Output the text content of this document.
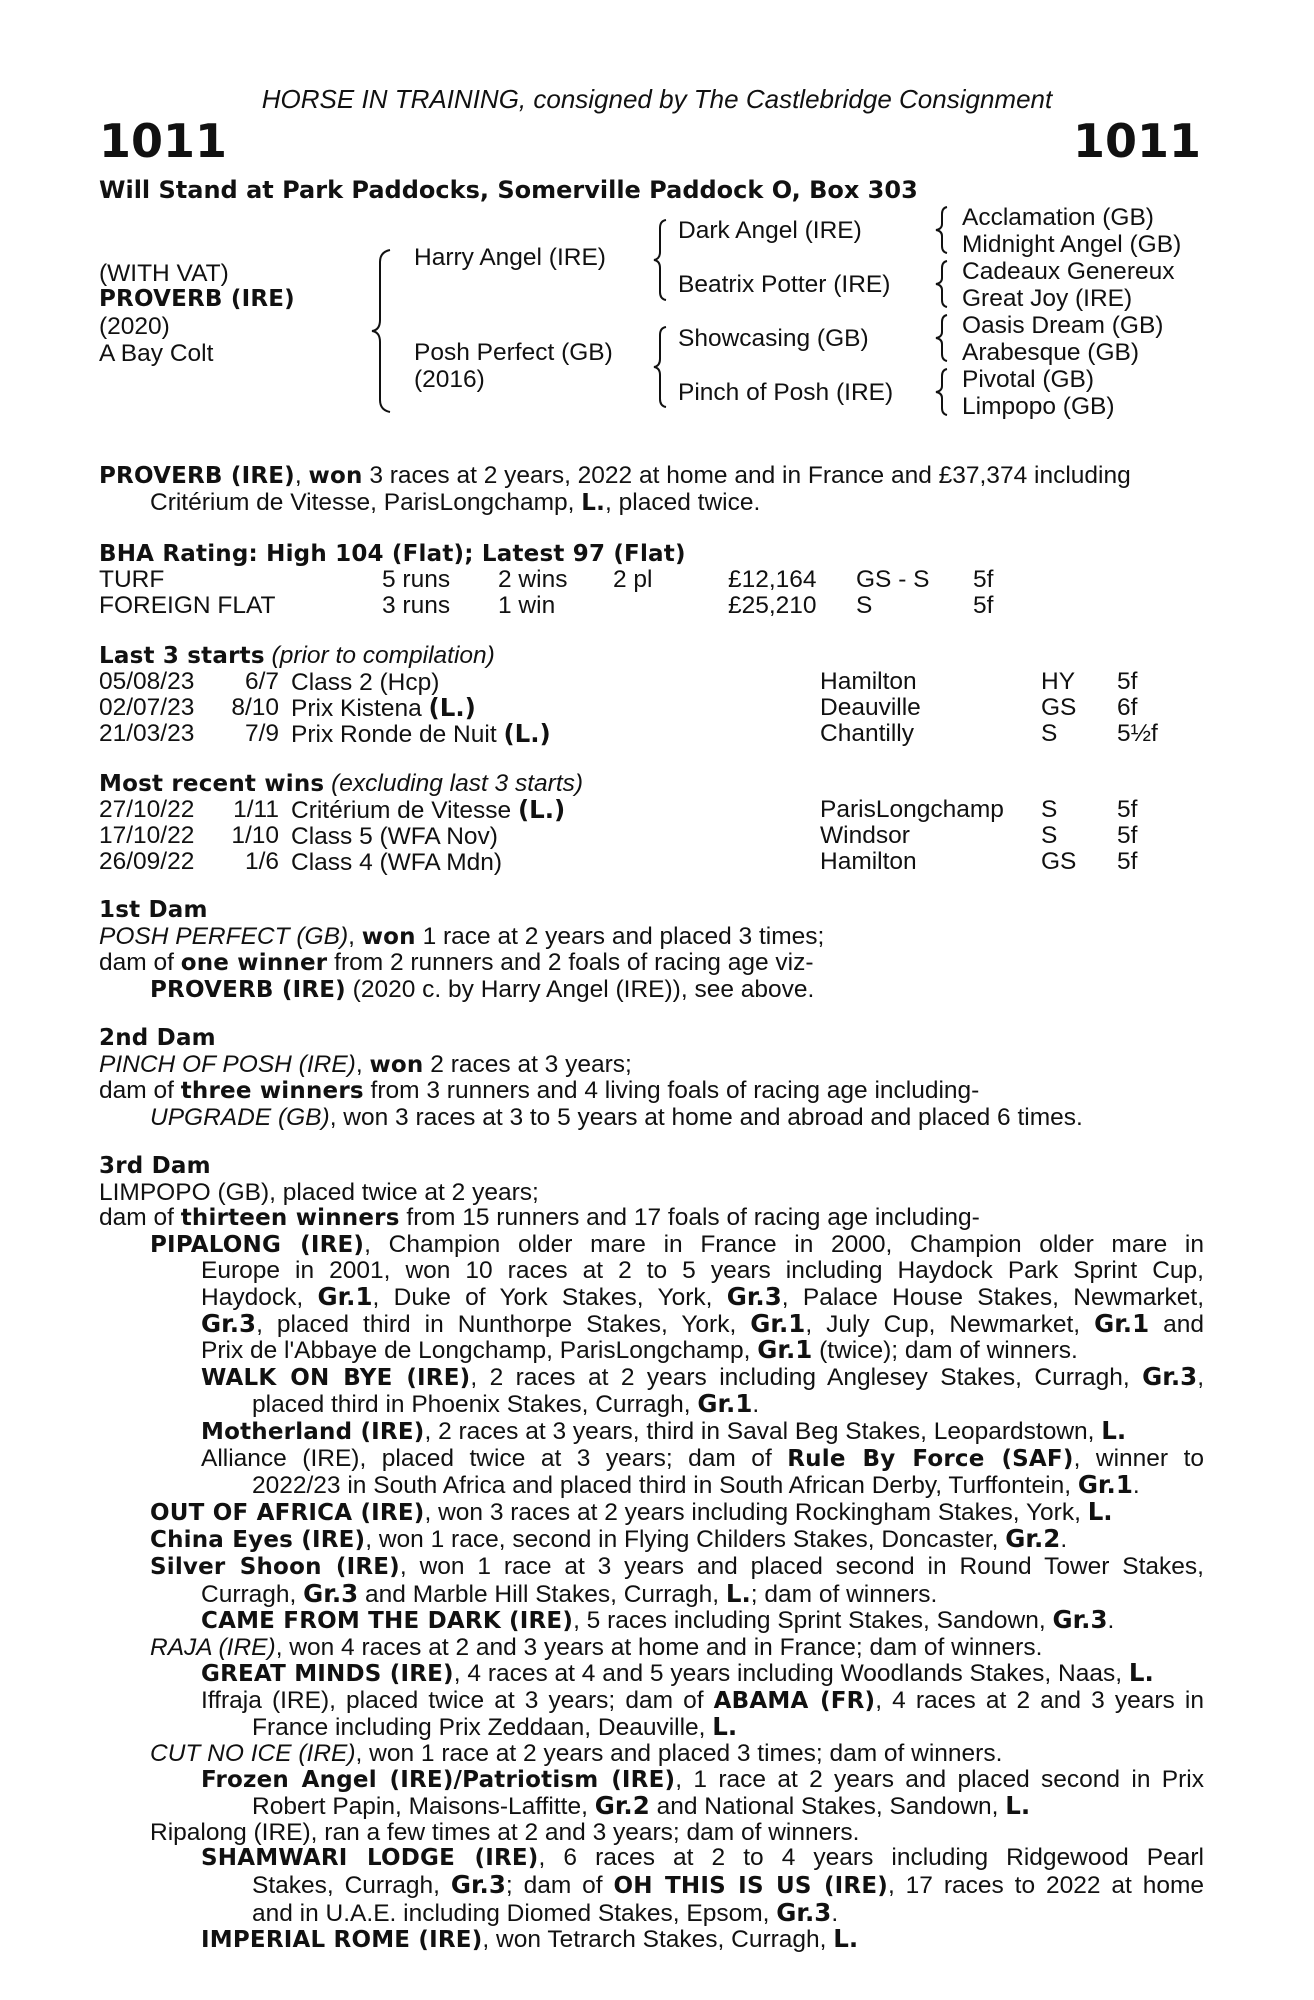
HORSE IN TRAINING, consigned by The Castlebridge Consignment
1011	1011
Will Stand at Park Paddocks, Somerville Paddock O, Box 303
(WITH VAT)
PROVERB (IRE)
(2020)
A Bay Colt
Harry Angel (IRE)
Posh Perfect (GB)
(2016)
Dark Angel (IRE)
Beatrix Potter (IRE)
Showcasing (GB)
Pinch of Posh (IRE)
Acclamation (GB)
Midnight Angel (GB)
Cadeaux Genereux
Great Joy (IRE)
Oasis Dream (GB)
Arabesque (GB)
Pivotal (GB)
Limpopo (GB)
PROVERB (IRE), won 3 races at 2 years, 2022 at home and in France and £37,374 including
Critérium de Vitesse, ParisLongchamp, L., placed twice.
BHA Rating: High 104 (Flat); Latest 97 (Flat)
TURF	5 runs 2 wins 2 pl	£12,164 GS - S 5f
FOREIGN FLAT	3 runs 1 win	£25,210 S	5f
Last 3 starts (prior to compilation)
05/08/23	6/7 Class 2 (Hcp)	Hamilton	HY 5f
02/07/23	8/10 Prix Kistena (L.)	Deauville	GS 6f
21/03/23	7/9 Prix Ronde de Nuit (L.)	Chantilly	S 5½f
Most recent wins (excluding last 3 starts)
27/10/22	1/11 Critérium de Vitesse (L.)	ParisLongchamp S 5f
17/10/22	1/10 Class 5 (WFA Nov)	Windsor	S 5f
26/09/22	1/6 Class 4 (WFA Mdn)	Hamilton	GS 5f
1st Dam
POSH PERFECT (GB), won 1 race at 2 years and placed 3 times;
dam of one winner from 2 runners and 2 foals of racing age viz-
PROVERB (IRE) (2020 c. by Harry Angel (IRE)), see above.
2nd Dam
PINCH OF POSH (IRE), won 2 races at 3 years;
dam of three winners from 3 runners and 4 living foals of racing age including-
UPGRADE (GB), won 3 races at 3 to 5 years at home and abroad and placed 6 times.
3rd Dam
LIMPOPO (GB), placed twice at 2 years;
dam of thirteen winners from 15 runners and 17 foals of racing age including-
PIPALONG (IRE), Champion older mare in France in 2000, Champion older mare in
Europe in 2001, won 10 races at 2 to 5 years including Haydock Park Sprint Cup,
Haydock, Gr.1, Duke of York Stakes, York, Gr.3, Palace House Stakes, Newmarket,
Gr.3, placed third in Nunthorpe Stakes, York, Gr.1, July Cup, Newmarket, Gr.1 and
Prix de l'Abbaye de Longchamp, ParisLongchamp, Gr.1 (twice); dam of winners.
WALK ON BYE (IRE), 2 races at 2 years including Anglesey Stakes, Curragh, Gr.3,
placed third in Phoenix Stakes, Curragh, Gr.1.
Motherland (IRE), 2 races at 3 years, third in Saval Beg Stakes, Leopardstown, L.
Alliance (IRE), placed twice at 3 years; dam of Rule By Force (SAF), winner to
2022/23 in South Africa and placed third in South African Derby, Turffontein, Gr.1.
OUT OF AFRICA (IRE), won 3 races at 2 years including Rockingham Stakes, York, L.
China Eyes (IRE), won 1 race, second in Flying Childers Stakes, Doncaster, Gr.2.
Silver Shoon (IRE), won 1 race at 3 years and placed second in Round Tower Stakes,
Curragh, Gr.3 and Marble Hill Stakes, Curragh, L.; dam of winners.
CAME FROM THE DARK (IRE), 5 races including Sprint Stakes, Sandown, Gr.3.
RAJA (IRE), won 4 races at 2 and 3 years at home and in France; dam of winners.
GREAT MINDS (IRE), 4 races at 4 and 5 years including Woodlands Stakes, Naas, L.
Iffraja (IRE), placed twice at 3 years; dam of ABAMA (FR), 4 races at 2 and 3 years in
France including Prix Zeddaan, Deauville, L.
CUT NO ICE (IRE), won 1 race at 2 years and placed 3 times; dam of winners.
Frozen Angel (IRE)/Patriotism (IRE), 1 race at 2 years and placed second in Prix
Robert Papin, Maisons-Laffitte, Gr.2 and National Stakes, Sandown, L.
Ripalong (IRE), ran a few times at 2 and 3 years; dam of winners.
SHAMWARI LODGE (IRE), 6 races at 2 to 4 years including Ridgewood Pearl
Stakes, Curragh, Gr.3; dam of OH THIS IS US (IRE), 17 races to 2022 at home
and in U.A.E. including Diomed Stakes, Epsom, Gr.3.
IMPERIAL ROME (IRE), won Tetrarch Stakes, Curragh, L.
